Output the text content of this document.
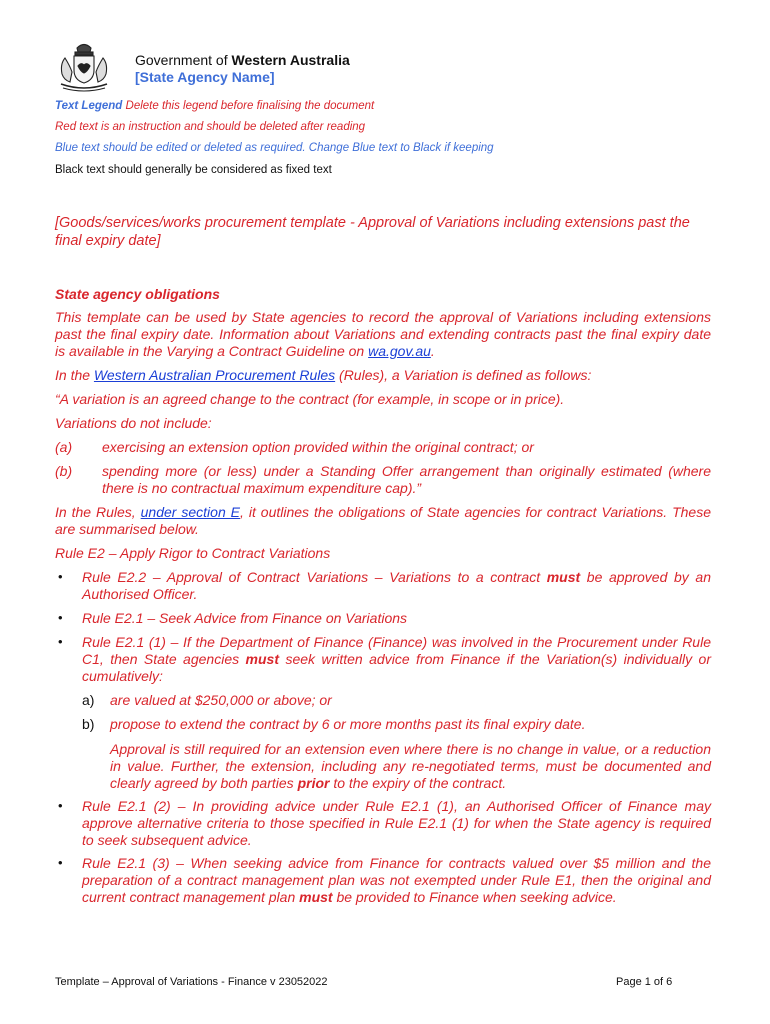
Government of Western Australia
[State Agency Name]
Text Legend Delete this legend before finalising the document
Red text is an instruction and should be deleted after reading
Blue text should be edited or deleted as required. Change Blue text to Black if keeping
Black text should generally be considered as fixed text
[Goods/services/works procurement template - Approval of Variations including extensions past the final expiry date]
State agency obligations
This template can be used by State agencies to record the approval of Variations including extensions past the final expiry date. Information about Variations and extending contracts past the final expiry date is available in the Varying a Contract Guideline on wa.gov.au.
In the Western Australian Procurement Rules (Rules), a Variation is defined as follows:
“A variation is an agreed change to the contract (for example, in scope or in price).
Variations do not include:
(a) exercising an extension option provided within the original contract; or
(b) spending more (or less) under a Standing Offer arrangement than originally estimated (where there is no contractual maximum expenditure cap).”
In the Rules, under section E, it outlines the obligations of State agencies for contract Variations. These are summarised below.
Rule E2 – Apply Rigor to Contract Variations
• Rule E2.2 – Approval of Contract Variations – Variations to a contract must be approved by an Authorised Officer.
• Rule E2.1 – Seek Advice from Finance on Variations
• Rule E2.1 (1) – If the Department of Finance (Finance) was involved in the Procurement under Rule C1, then State agencies must seek written advice from Finance if the Variation(s) individually or cumulatively:
a) are valued at $250,000 or above; or
b) propose to extend the contract by 6 or more months past its final expiry date.
Approval is still required for an extension even where there is no change in value, or a reduction in value. Further, the extension, including any re-negotiated terms, must be documented and clearly agreed by both parties prior to the expiry of the contract.
• Rule E2.1 (2) – In providing advice under Rule E2.1 (1), an Authorised Officer of Finance may approve alternative criteria to those specified in Rule E2.1 (1) for when the State agency is required to seek subsequent advice.
• Rule E2.1 (3) – When seeking advice from Finance for contracts valued over $5 million and the preparation of a contract management plan was not exempted under Rule E1, then the original and current contract management plan must be provided to Finance when seeking advice.
Template – Approval of Variations - Finance v 23052022	Page 1 of 6
